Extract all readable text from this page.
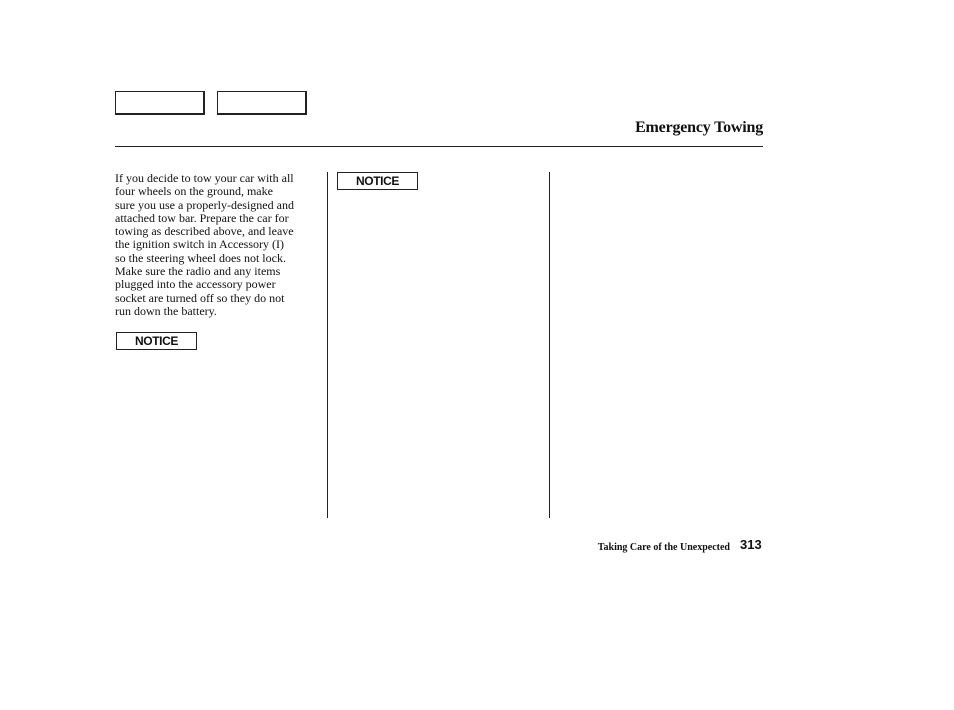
Emergency Towing

If you decide to tow your car with all
four wheels on the ground, make
sure you use a properly-designed and
attached tow bar. Prepare the car for
towing as described above, and leave
the ignition switch in Accessory (I)
so the steering wheel does not lock.
Make sure the radio and any items
plugged into the accessory power
socket are turned off so they do not
run down the battery.

NOTICE
NOTICE
Taking Care of the Unexpected 313
